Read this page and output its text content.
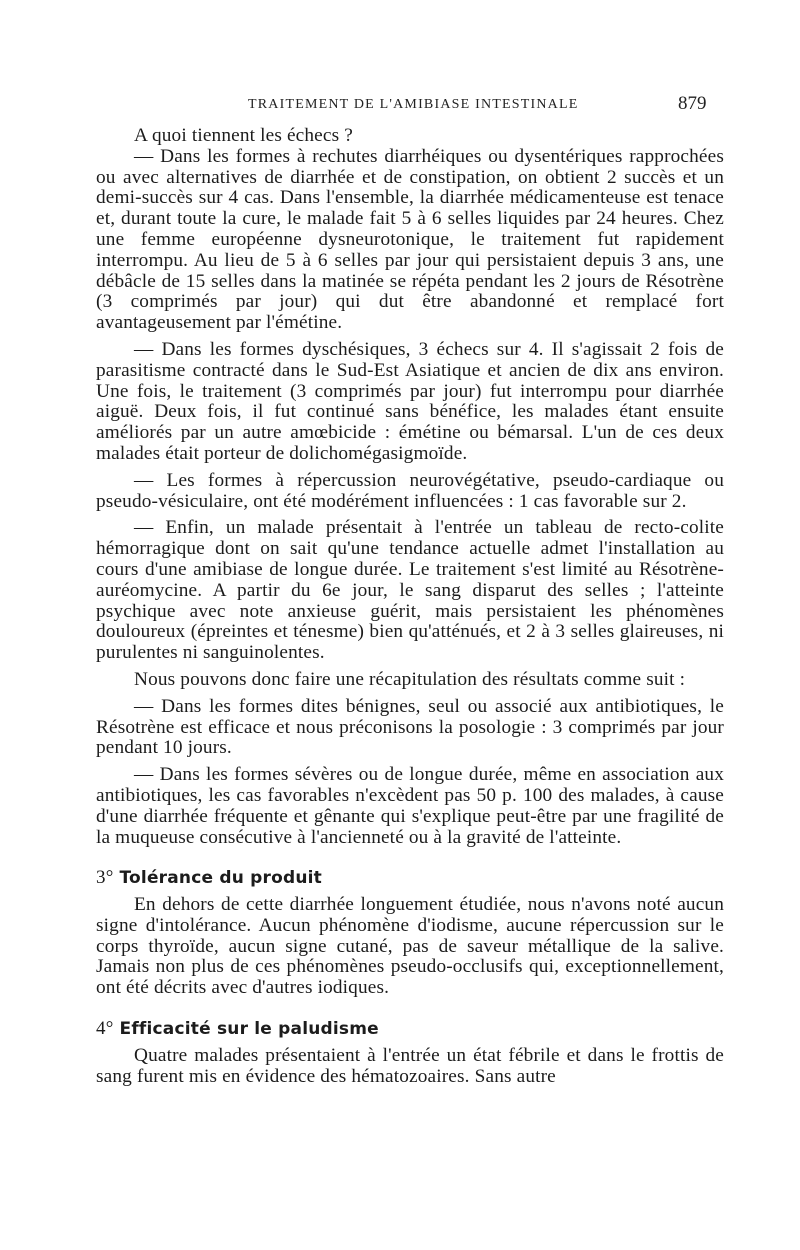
TRAITEMENT DE L'AMIBIASE INTESTINALE	879

A quoi tiennent les échecs ?

— Dans les formes à rechutes diarrhéiques ou dysentériques rapprochées ou avec alternatives de diarrhée et de constipation, on obtient 2 succès et un demi-succès sur 4 cas. Dans l'ensemble, la diarrhée médicamenteuse est tenace et, durant toute la cure, le malade fait 5 à 6 selles liquides par 24 heures. Chez une femme européenne dysneurotonique, le traitement fut rapidement interrompu. Au lieu de 5 à 6 selles par jour qui persistaient depuis 3 ans, une débâcle de 15 selles dans la matinée se répéta pendant les 2 jours de Résotrène (3 comprimés par jour) qui dut être abandonné et remplacé fort avantageusement par l'émétine.

— Dans les formes dyschésiques, 3 échecs sur 4. Il s'agissait 2 fois de parasitisme contracté dans le Sud-Est Asiatique et ancien de dix ans environ. Une fois, le traitement (3 comprimés par jour) fut interrompu pour diarrhée aiguë. Deux fois, il fut continué sans bénéfice, les malades étant ensuite améliorés par un autre amœbicide : émétine ou bémarsal. L'un de ces deux malades était porteur de dolichomégasigmoïde.

— Les formes à répercussion neurovégétative, pseudo-cardiaque ou pseudo-vésiculaire, ont été modérément influencées : 1 cas favorable sur 2.

— Enfin, un malade présentait à l'entrée un tableau de recto-colite hémorragique dont on sait qu'une tendance actuelle admet l'installation au cours d'une amibiase de longue durée. Le traitement s'est limité au Résotrène-auréomycine. A partir du 6e jour, le sang disparut des selles ; l'atteinte psychique avec note anxieuse guérit, mais persistaient les phénomènes douloureux (épreintes et ténesme) bien qu'atténués, et 2 à 3 selles glaireuses, ni purulentes ni sanguinolentes.

Nous pouvons donc faire une récapitulation des résultats comme suit :

— Dans les formes dites bénignes, seul ou associé aux antibiotiques, le Résotrène est efficace et nous préconisons la posologie : 3 comprimés par jour pendant 10 jours.

— Dans les formes sévères ou de longue durée, même en association aux antibiotiques, les cas favorables n'excèdent pas 50 p. 100 des malades, à cause d'une diarrhée fréquente et gênante qui s'explique peut-être par une fragilité de la muqueuse consécutive à l'ancienneté ou à la gravité de l'atteinte.

3° Tolérance du produit

En dehors de cette diarrhée longuement étudiée, nous n'avons noté aucun signe d'intolérance. Aucun phénomène d'iodisme, aucune répercussion sur le corps thyroïde, aucun signe cutané, pas de saveur métallique de la salive. Jamais non plus de ces phénomènes pseudo-occlusifs qui, exceptionnellement, ont été décrits avec d'autres iodiques.

4° Efficacité sur le paludisme

Quatre malades présentaient à l'entrée un état fébrile et dans le frottis de sang furent mis en évidence des hématozoaires. Sans autre
